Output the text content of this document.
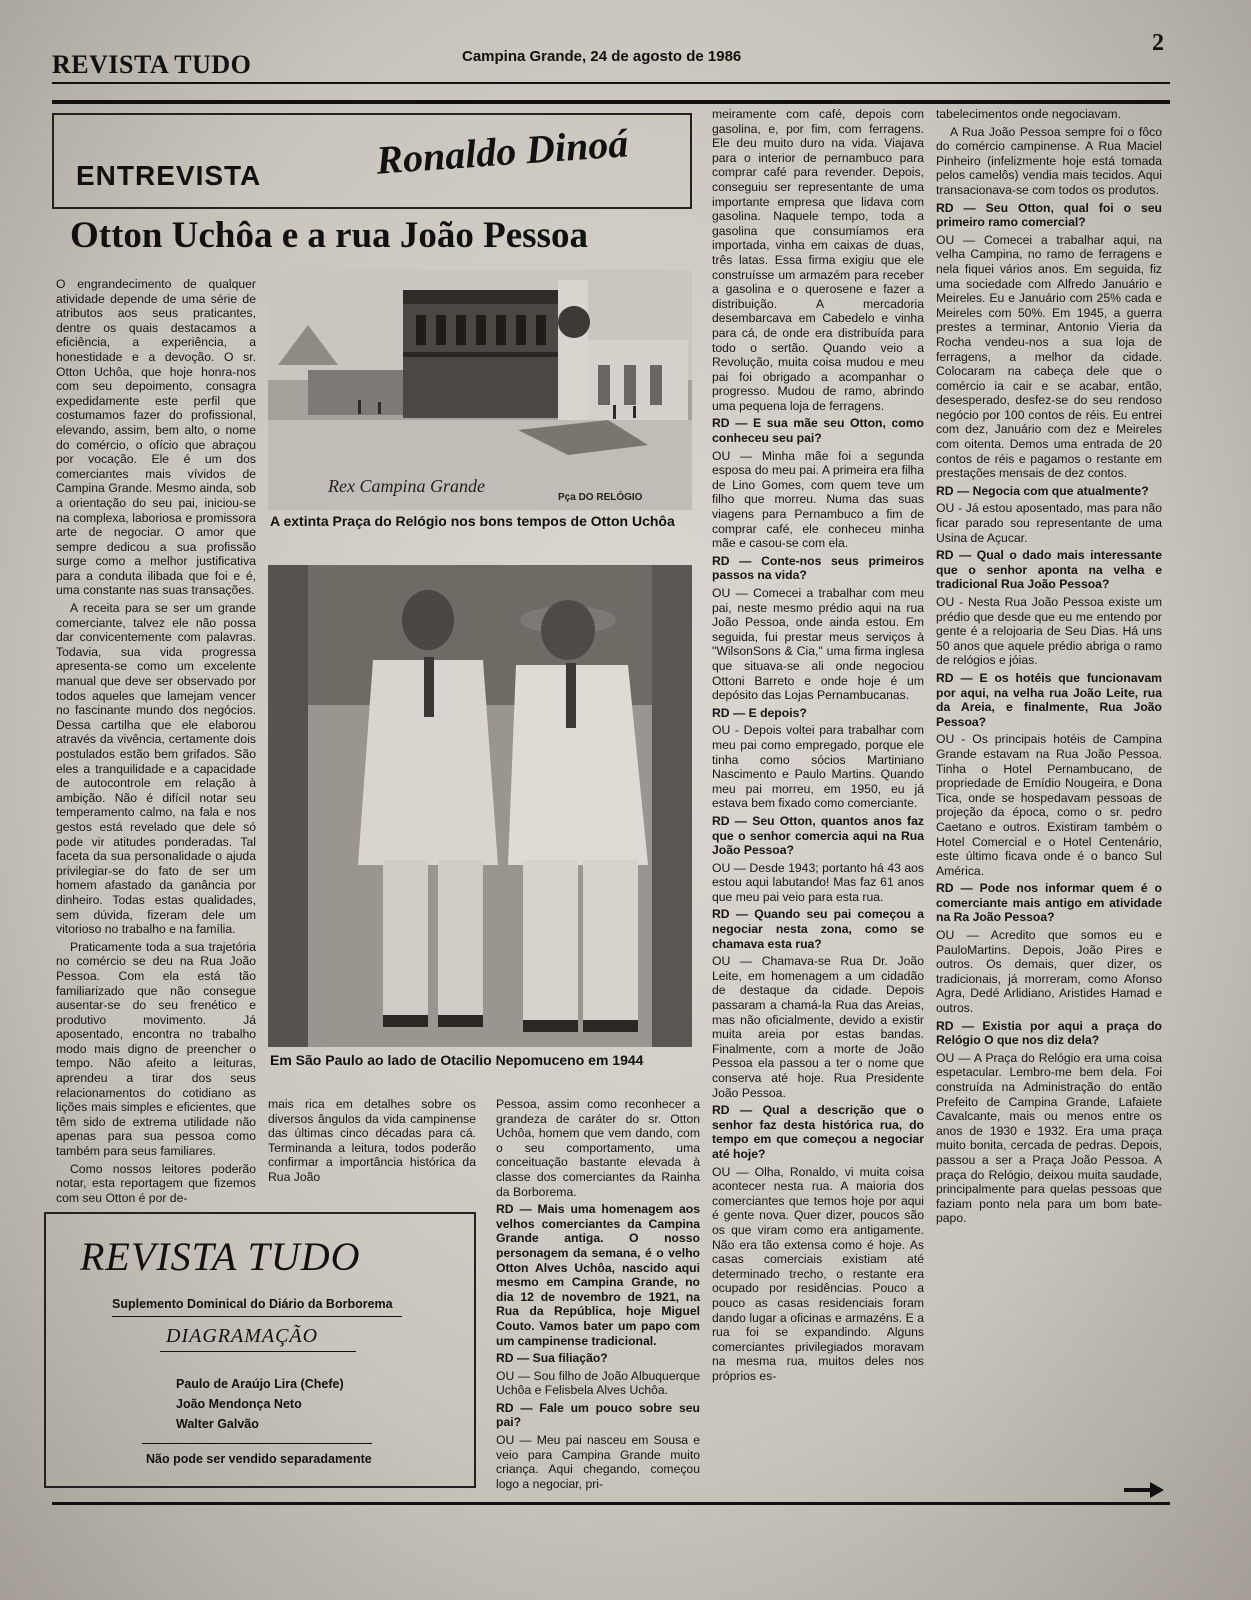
REVISTA TUDO	Campina Grande, 24 de agosto de 1986
2
ENTREVISTA	Ronaldo Dinoá
Otton Uchôa e a rua João Pessoa

O engrandecimento de qualquer atividade depende de uma série de atributos aos seus praticantes, dentre os quais destacamos a eficiência, a experiência, a honestidade e a devoção. O sr. Otton Uchôa, que hoje honra-nos com seu depoimento, consagra expedidamente este perfil que costumamos fazer do profissional, elevando, assim, bem alto, o nome do comércio, o ofício que abraçou por vocação. Ele é um dos comerciantes mais vívidos de Campina Grande. Mesmo ainda, sob a orientação do seu pai, iniciou-se na complexa, laboriosa e promissora arte de negociar. O amor que sempre dedicou a sua profissão surge como a melhor justificativa para a conduta ilibada que foi e é, uma constante nas suas transações.

A receita para se ser um grande comerciante, talvez ele não possa dar convicentemente com palavras. Todavia, sua vida progressa apresenta-se como um excelente manual que deve ser observado por todos aqueles que lamejam vencer no fascinante mundo dos negócios. Dessa cartilha que ele elaborou através da vivência, certamente dois postulados estão bem grifados. São eles a tranquilidade e a capacidade de autocontrole em relação à ambição. Não é difícil notar seu temperamento calmo, na fala e nos gestos está revelado que dele só pode vir atitudes ponderadas. Tal faceta da sua personalidade o ajuda privilegiar-se do fato de ser um homem afastado da ganância por dinheiro. Todas estas qualidades, sem dúvida, fizeram dele um vitorioso no trabalho e na família.

Praticamente toda a sua trajetória no comércio se deu na Rua João Pessoa. Com ela está tão familiarizado que não consegue ausentar-se do seu frenético e produtivo movimento. Já aposentado, encontra no trabalho modo mais digno de preencher o tempo. Não afeito a leituras, aprendeu a tirar dos seus relacionamentos do cotidiano as lições mais simples e eficientes, que têm sido de extrema utilidade não apenas para sua pessoa como também para seus familiares.

Como nossos leitores poderão notar, esta reportagem que fizemos com seu Otton é por de-

Rex Campina Grande
Pça DO RELÓGIO
A extinta Praça do Relógio nos bons tempos de Otton Uchôa
Em São Paulo ao lado de Otacilio Nepomuceno em 1944

mais rica em detalhes sobre os diversos ângulos da vida campinense das últimas cinco décadas para cá. Terminanda a leitura, todos poderão confirmar a importância histórica da Rua João

Pessoa, assim como reconhecer a grandeza de caráter do sr. Otton Uchôa, homem que vem dando, com o seu comportamento, uma conceituação bastante elevada à classe dos comerciantes da Rainha da Borborema.

RD — Mais uma homenagem aos velhos comerciantes da Campina Grande antiga. O nosso personagem da semana, é o velho Otton Alves Uchôa, nascido aqui mesmo em Campina Grande, no dia 12 de novembro de 1921, na Rua da República, hoje Miguel Couto. Vamos bater um papo com um campinense tradicional.

RD — Sua filiação?

OU — Sou filho de João Albuquerque Uchôa e Felisbela Alves Uchôa.

RD — Fale um pouco sobre seu pai?

OU — Meu pai nasceu em Sousa e veio para Campina Grande muito criança. Aqui chegando, começou logo a negociar, pri-

meiramente com café, depois com gasolina, e, por fim, com ferragens. Ele deu muito duro na vida. Viajava para o interior de pernambuco para comprar café para revender. Depois, conseguiu ser representante de uma importante empresa que lidava com gasolina. Naquele tempo, toda a gasolina que consumíamos era importada, vinha em caixas de duas, três latas. Essa firma exigiu que ele construísse um armazém para receber a gasolina e o querosene e fazer a distribuição. A mercadoria desembarcava em Cabedelo e vinha para cá, de onde era distribuída para todo o sertão. Quando veio a Revolução, muita coisa mudou e meu pai foi obrigado a acompanhar o progresso. Mudou de ramo, abrindo uma pequena loja de ferragens.

RD — E sua mãe seu Otton, como conheceu seu pai?

OU — Minha mãe foi a segunda esposa do meu pai. A primeira era filha de Lino Gomes, com quem teve um filho que morreu. Numa das suas viagens para Pernambuco a fim de comprar café, ele conheceu minha mãe e casou-se com ela.

RD — Conte-nos seus primeiros passos na vida?

OU — Comecei a trabalhar com meu pai, neste mesmo prédio aqui na rua João Pessoa, onde ainda estou. Em seguida, fui prestar meus serviços à "WilsonSons & Cia," uma firma inglesa que situava-se ali onde negociou Ottoni Barreto e onde hoje é um depósito das Lojas Pernambucanas.

RD — E depois?

OU - Depois voltei para trabalhar com meu pai como empregado, porque ele tinha como sócios Martiniano Nascimento e Paulo Martins. Quando meu pai morreu, em 1950, eu já estava bem fixado como comerciante.

RD — Seu Otton, quantos anos faz que o senhor comercia aqui na Rua João Pessoa?

OU — Desde 1943; portanto há 43 aos estou aqui labutando! Mas faz 61 anos que meu pai veio para esta rua.

RD — Quando seu pai começou a negociar nesta zona, como se chamava esta rua?

OU — Chamava-se Rua Dr. João Leite, em homenagem a um cidadão de destaque da cidade. Depois passaram a chamá-la Rua das Areias, mas não oficialmente, devido a existir muita areia por estas bandas. Finalmente, com a morte de João Pessoa ela passou a ter o nome que conserva até hoje. Rua Presidente João Pessoa.

RD — Qual a descrição que o senhor faz desta histórica rua, do tempo em que começou a negociar até hoje?

OU — Olha, Ronaldo, vi muita coisa acontecer nesta rua. A maioria dos comerciantes que temos hoje por aqui é gente nova. Quer dizer, poucos são os que viram como era antigamente. Não era tão extensa como é hoje. As casas comerciais existiam até determinado trecho, o restante era ocupado por residências. Pouco a pouco as casas residenciais foram dando lugar a oficinas e armazéns. E a rua foi se expandindo. Alguns comerciantes privilegiados moravam na mesma rua, muitos deles nos próprios es-

tabelecimentos onde negociavam.

A Rua João Pessoa sempre foi o fôco do comércio campinense. A Rua Maciel Pinheiro (infelizmente hoje está tomada pelos camelôs) vendia mais tecidos. Aqui transacionava-se com todos os produtos.

RD — Seu Otton, qual foi o seu primeiro ramo comercial?

OU — Comecei a trabalhar aqui, na velha Campina, no ramo de ferragens e nela fiquei vários anos. Em seguida, fiz uma sociedade com Alfredo Januário e Meireles. Eu e Januário com 25% cada e Meireles com 50%. Em 1945, a guerra prestes a terminar, Antonio Vieria da Rocha vendeu-nos a sua loja de ferragens, a melhor da cidade. Colocaram na cabeça dele que o comércio ia cair e se acabar, então, desesperado, desfez-se do seu rendoso negócio por 100 contos de réis. Eu entrei com dez, Januário com dez e Meireles com oitenta. Demos uma entrada de 20 contos de réis e pagamos o restante em prestações mensais de dez contos.

RD — Negocia com que atualmente?

OU - Já estou aposentado, mas para não ficar parado sou representante de uma Usina de Açucar.

RD — Qual o dado mais interessante que o senhor aponta na velha e tradicional Rua João Pessoa?

OU - Nesta Rua João Pessoa existe um prédio que desde que eu me entendo por gente é a relojoaria de Seu Dias. Há uns 50 anos que aquele prédio abriga o ramo de relógios e jóias.

RD — E os hotéis que funcionavam por aqui, na velha rua João Leite, rua da Areia, e finalmente, Rua João Pessoa?

OU - Os principais hotéis de Campina Grande estavam na Rua João Pessoa. Tinha o Hotel Pernambucano, de propriedade de Emídio Nougeira, e Dona Tica, onde se hospedavam pessoas de projeção da época, como o sr. pedro Caetano e outros. Existiram também o Hotel Comercial e o Hotel Centenário, este último ficava onde é o banco Sul América.

RD — Pode nos informar quem é o comerciante mais antigo em atividade na Ra João Pessoa?

OU — Acredito que somos eu e PauloMartins. Depois, João Pires e outros. Os demais, quer dizer, os tradicionais, já morreram, como Afonso Agra, Dedé Arlidiano, Aristides Hamad e outros.

RD — Existia por aqui a praça do Relógio O que nos diz dela?

OU — A Praça do Relógio era uma coisa espetacular. Lembro-me bem dela. Foi construída na Administração do então Prefeito de Campina Grande, Lafaiete Cavalcante, mais ou menos entre os anos de 1930 e 1932. Era uma praça muito bonita, cercada de pedras. Depois, passou a ser a Praça João Pessoa. A praça do Relógio, deixou muita saudade, principalmente para quelas pessoas que faziam ponto nela para um bom bate-papo.

REVISTA TUDO
Suplemento Dominical do Diário da Borborema
DIAGRAMAÇÃO
Paulo de Araújo Lira (Chefe)
João Mendonça Neto
Walter Galvão
Não pode ser vendido separadamente
